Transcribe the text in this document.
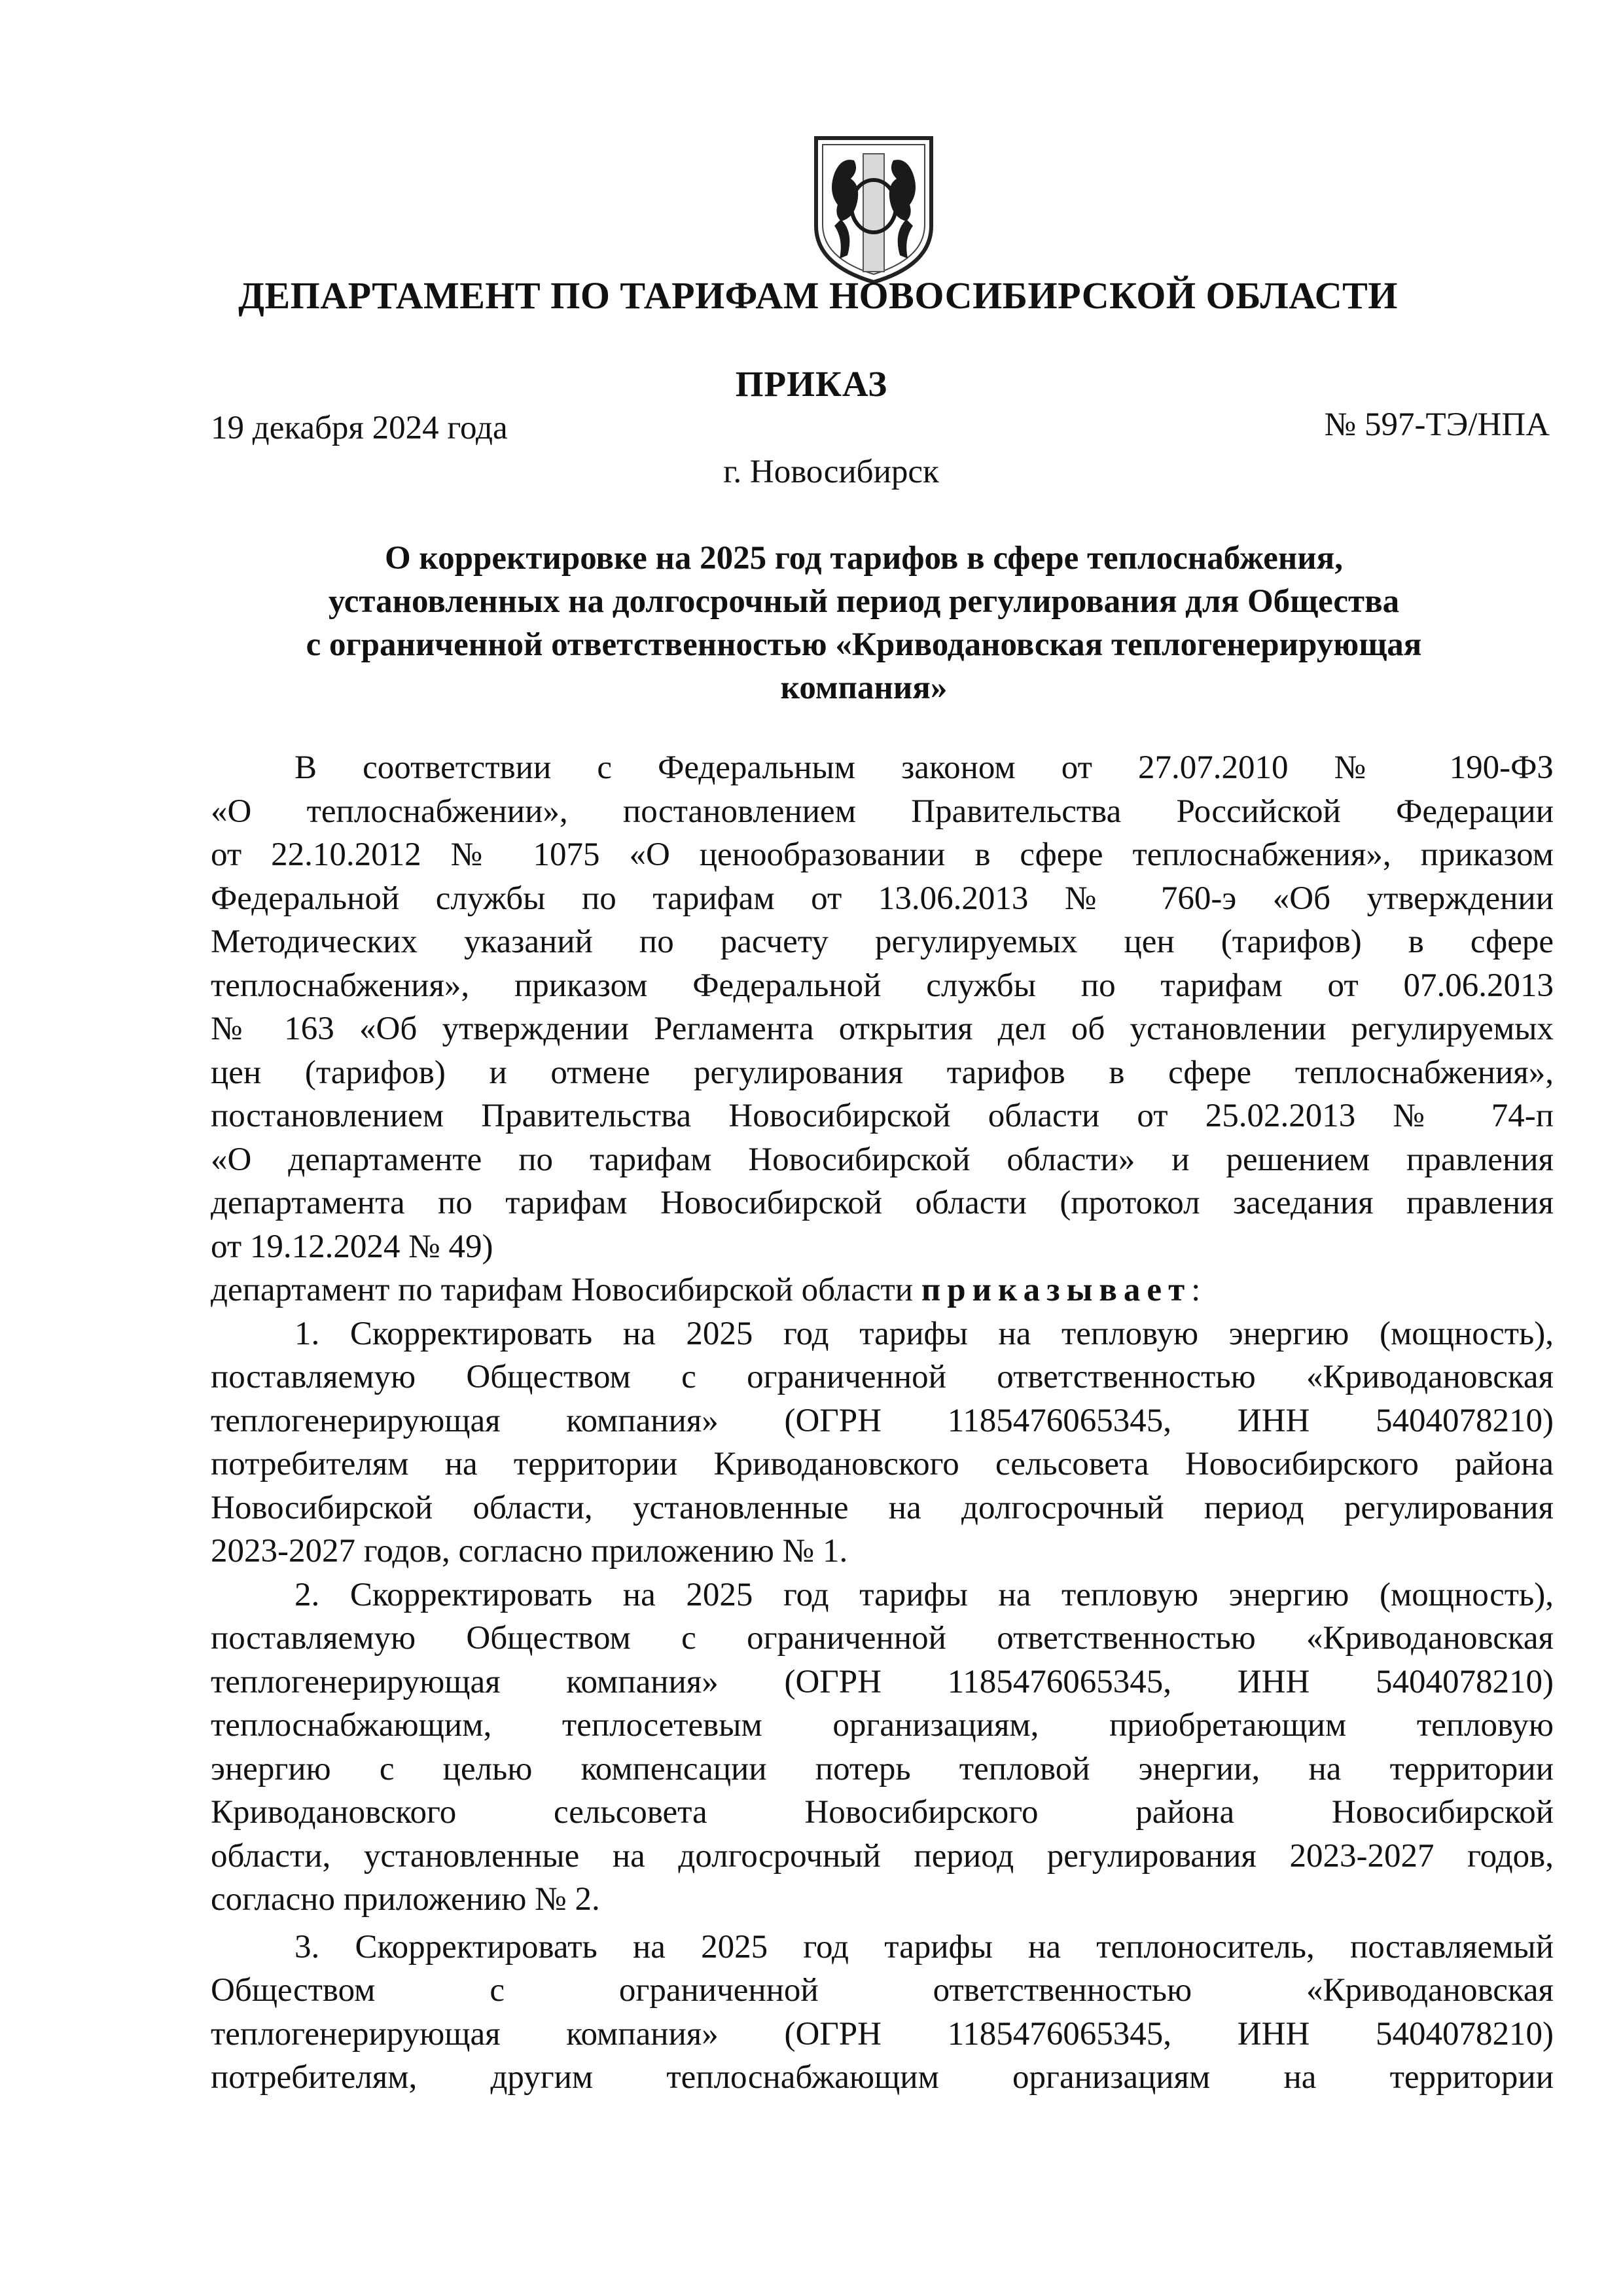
ДЕПАРТАМЕНТ ПО ТАРИФАМ НОВОСИБИРСКОЙ ОБЛАСТИ
ПРИКАЗ
19 декабря 2024 года	№ 597-ТЭ/НПА
г. Новосибирск
О корректировке на 2025 год тарифов в сфере теплоснабжения,
установленных на долгосрочный период регулирования для Общества
с ограниченной ответственностью «Криводановская теплогенерирующая
компания»

В соответствии с Федеральным законом от 27.07.2010 № 190-ФЗ
«О теплоснабжении», постановлением Правительства Российской Федерации
от 22.10.2012 № 1075 «О ценообразовании в сфере теплоснабжения», приказом
Федеральной службы по тарифам от 13.06.2013 № 760-э «Об утверждении
Методических указаний по расчету регулируемых цен (тарифов) в сфере
теплоснабжения», приказом Федеральной службы по тарифам от 07.06.2013
№ 163 «Об утверждении Регламента открытия дел об установлении регулируемых
цен (тарифов) и отмене регулирования тарифов в сфере теплоснабжения»,
постановлением Правительства Новосибирской области от 25.02.2013 № 74-п
«О департаменте по тарифам Новосибирской области» и решением правления
департамента по тарифам Новосибирской области (протокол заседания правления
от 19.12.2024 № 49)

департамент по тарифам Новосибирской области приказывает:

1. Скорректировать на 2025 год тарифы на тепловую энергию (мощность),
поставляемую Обществом с ограниченной ответственностью «Криводановская
теплогенерирующая компания» (ОГРН 1185476065345, ИНН 5404078210)
потребителям на территории Криводановского сельсовета Новосибирского района
Новосибирской области, установленные на долгосрочный период регулирования
2023-2027 годов, согласно приложению № 1.

2. Скорректировать на 2025 год тарифы на тепловую энергию (мощность),
поставляемую Обществом с ограниченной ответственностью «Криводановская
теплогенерирующая компания» (ОГРН 1185476065345, ИНН 5404078210)
теплоснабжающим, теплосетевым организациям, приобретающим тепловую
энергию с целью компенсации потерь тепловой энергии, на территории
Криводановского сельсовета Новосибирского района Новосибирской
области, установленные на долгосрочный период регулирования 2023-2027 годов,
согласно приложению № 2.

3. Скорректировать на 2025 год тарифы на теплоноситель, поставляемый
Обществом с ограниченной ответственностью «Криводановская
теплогенерирующая компания» (ОГРН 1185476065345, ИНН 5404078210)
потребителям, другим теплоснабжающим организациям на территории
